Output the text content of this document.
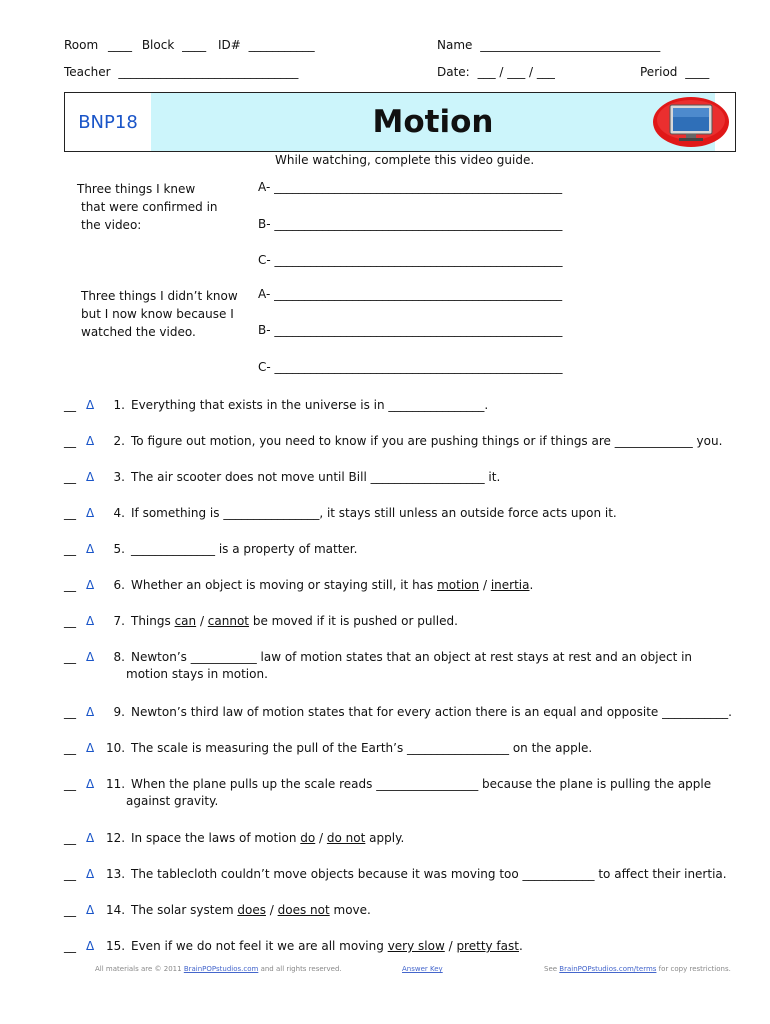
Room ____ Block ____ ID# ___________	Name ______________________________
Teacher ______________________________	Date: ___ / ___ / ___	Period ____
BNP18	Motion
While watching, complete this video guide.
Three things I knew
that were confirmed in
the video:
A- ________________________________________________
B- ________________________________________________
C- ________________________________________________
Three things I didn’t know
but I now know because I
watched the video.
A- ________________________________________________
B- ________________________________________________
C- ________________________________________________
__ Δ 1. Everything that exists in the universe is in ________________.
__ Δ 2. To figure out motion, you need to know if you are pushing things or if things are _____________ you.
__ Δ 3. The air scooter does not move until Bill ___________________ it.
__ Δ 4. If something is ________________, it stays still unless an outside force acts upon it.
__ Δ 5. ______________ is a property of matter.
__ Δ 6. Whether an object is moving or staying still, it has motion / inertia.
__ Δ 7. Things can / cannot be moved if it is pushed or pulled.
__ Δ 8. Newton’s ___________ law of motion states that an object at rest stays at rest and an object in
motion stays in motion.
__ Δ 9. Newton’s third law of motion states that for every action there is an equal and opposite ___________.
__ Δ 10. The scale is measuring the pull of the Earth’s _________________ on the apple.
__ Δ 11. When the plane pulls up the scale reads _________________ because the plane is pulling the apple
against gravity.
__ Δ 12. In space the laws of motion do / do not apply.
__ Δ 13. The tablecloth couldn’t move objects because it was moving too ____________ to affect their inertia.
__ Δ 14. The solar system does / does not move.
__ Δ 15. Even if we do not feel it we are all moving very slow / pretty fast.
All materials are © 2011 BrainPOPstudios.com and all rights reserved.	Answer Key	See BrainPOPstudios.com/terms for copy restrictions.
